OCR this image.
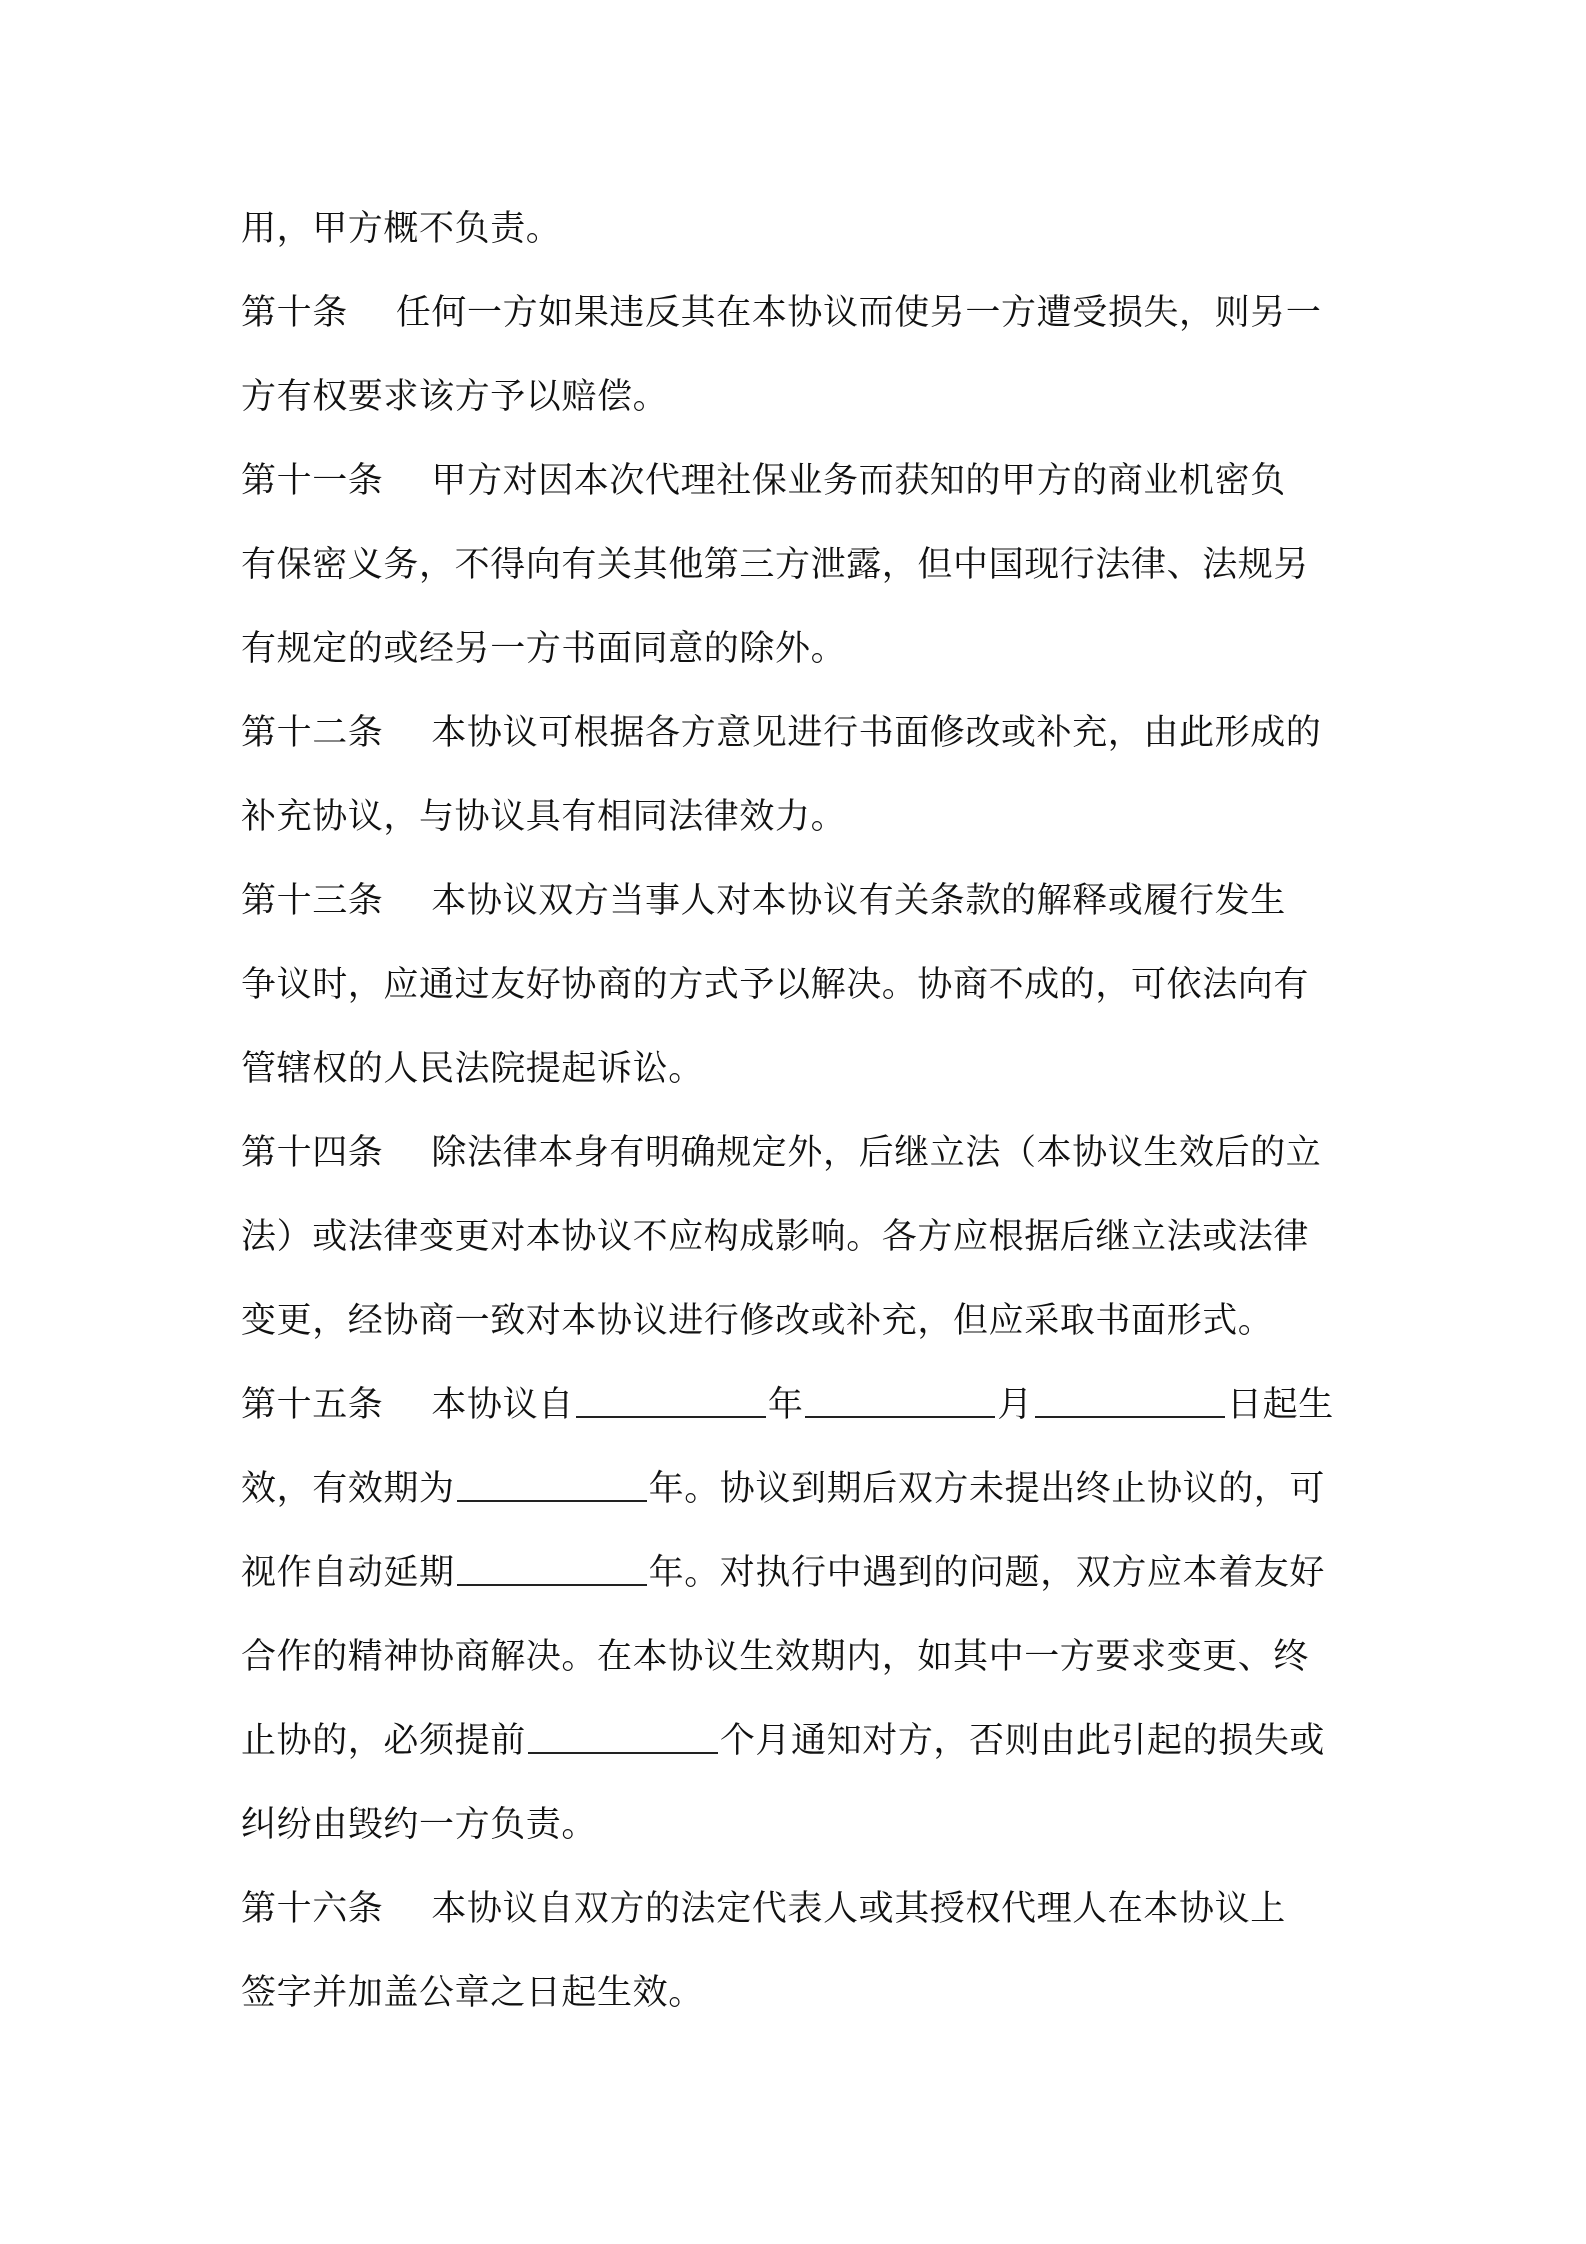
用，甲方概不负责。
第十条 任何一方如果违反其在本协议而使另一方遭受损失，则另一
方有权要求该方予以赔偿。
第十一条 甲方对因本次代理社保业务而获知的甲方的商业机密负
有保密义务，不得向有关其他第三方泄露，但中国现行法律、法规另
有规定的或经另一方书面同意的除外。
第十二条 本协议可根据各方意见进行书面修改或补充，由此形成的
补充协议，与协议具有相同法律效力。
第十三条 本协议双方当事人对本协议有关条款的解释或履行发生
争议时，应通过友好协商的方式予以解决。协商不成的，可依法向有
管辖权的人民法院提起诉讼。
第十四条 除法律本身有明确规定外，后继立法（本协议生效后的立
法）或法律变更对本协议不应构成影响。各方应根据后继立法或法律
变更，经协商一致对本协议进行修改或补充，但应采取书面形式。
第十五条 本协议自	年	月	日起生
效，有效期为	年。协议到期后双方未提出终止协议的，可
视作自动延期	年。对执行中遇到的问题，双方应本着友好
合作的精神协商解决。在本协议生效期内，如其中一方要求变更、终
止协的，必须提前	个月通知对方，否则由此引起的损失或
纠纷由毁约一方负责。
第十六条 本协议自双方的法定代表人或其授权代理人在本协议上
签字并加盖公章之日起生效。
